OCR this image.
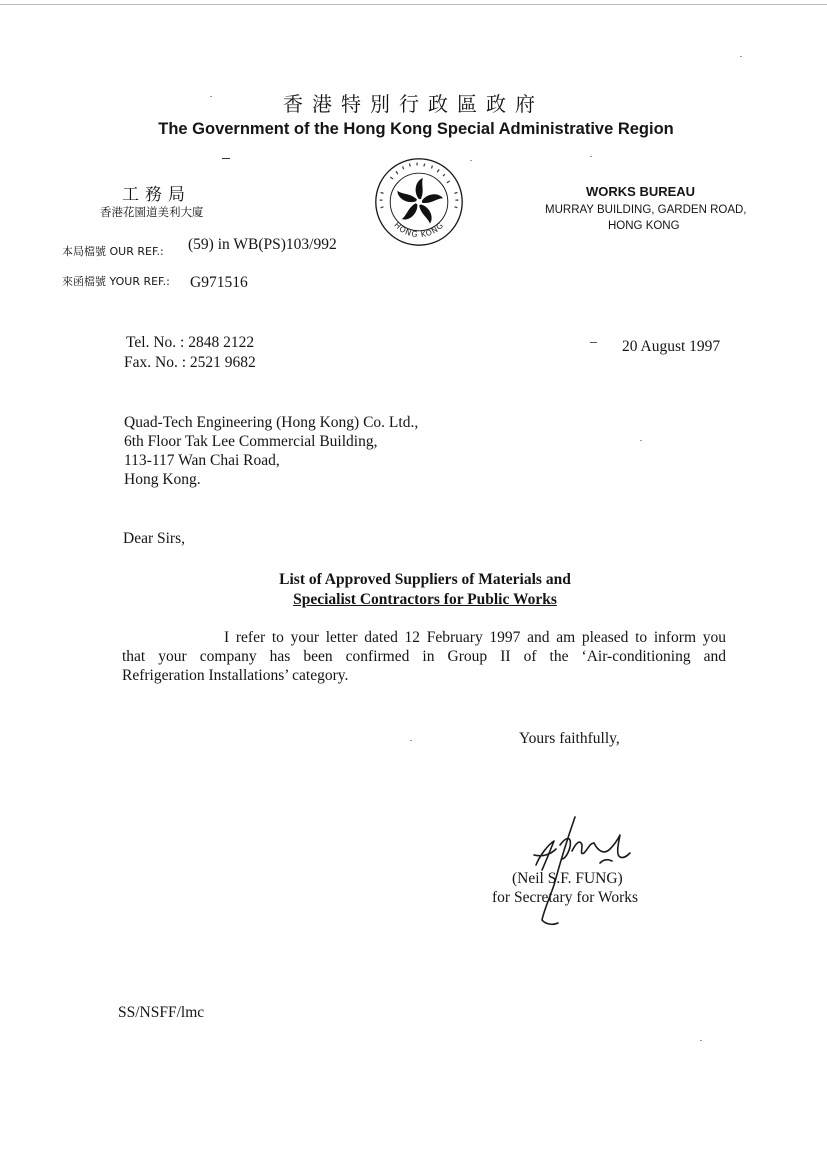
香港特別行政區政府
The Government of the Hong Kong Special Administrative Region
工務局
香港花園道美利大廈
HONG KONG
WORKS BUREAU
MURRAY BUILDING, GARDEN ROAD,
HONG KONG
本局檔號 OUR REF.: (59) in WB(PS)103/992
來函檔號 YOUR REF.: G971516
Tel. No. : 2848 2122
Fax. No. : 2521 9682
20 August 1997
Quad-Tech Engineering (Hong Kong) Co. Ltd.,
6th Floor Tak Lee Commercial Building,
113-117 Wan Chai Road,
Hong Kong.
Dear Sirs,
List of Approved Suppliers of Materials and
Specialist Contractors for Public Works
I refer to your letter dated 12 February 1997 and am pleased to inform you
that your company has been confirmed in Group II of the ‘Air-conditioning and
Refrigeration Installations’ category.
Yours faithfully,
(Neil S.F. FUNG)
for Secretary for Works
SS/NSFF/lmc
